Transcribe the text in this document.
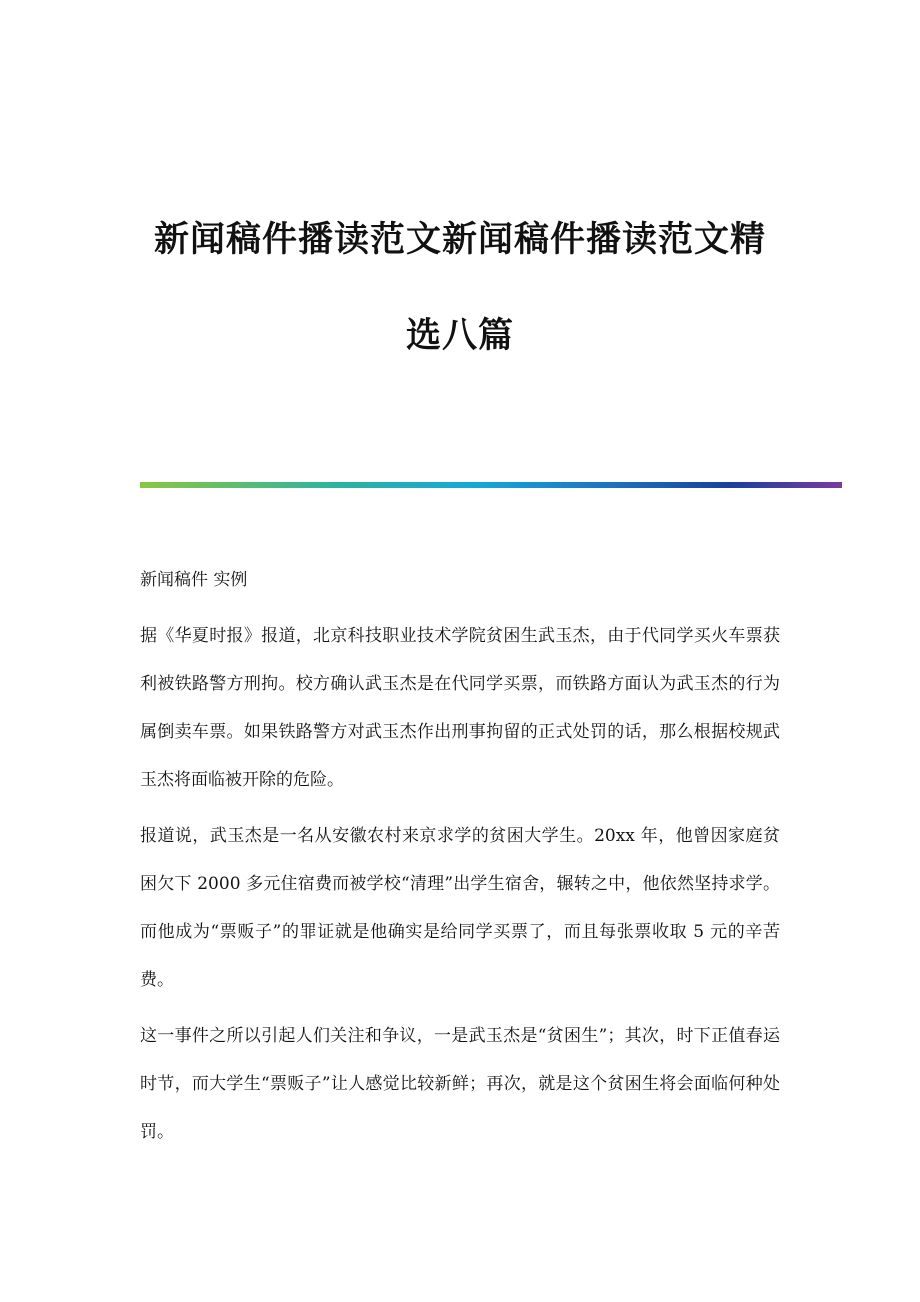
新闻稿件播读范文新闻稿件播读范文精
选八篇

新闻稿件 实例

据《华夏时报》报道，北京科技职业技术学院贫困生武玉杰，由于代同学买火车票获利被铁路警方刑拘。校方确认武玉杰是在代同学买票，而铁路方面认为武玉杰的行为属倒卖车票。如果铁路警方对武玉杰作出刑事拘留的正式处罚的话，那么根据校规武玉杰将面临被开除的危险。

报道说，武玉杰是一名从安徽农村来京求学的贫困大学生。20xx 年，他曾因家庭贫困欠下 2000 多元住宿费而被学校“清理”出学生宿舍，辗转之中，他依然坚持求学。而他成为“票贩子”的罪证就是他确实是给同学买票了，而且每张票收取 5 元的辛苦费。

这一事件之所以引起人们关注和争议，一是武玉杰是“贫困生”；其次，时下正值春运时节，而大学生“票贩子”让人感觉比较新鲜；再次，就是这个贫困生将会面临何种处罚。
